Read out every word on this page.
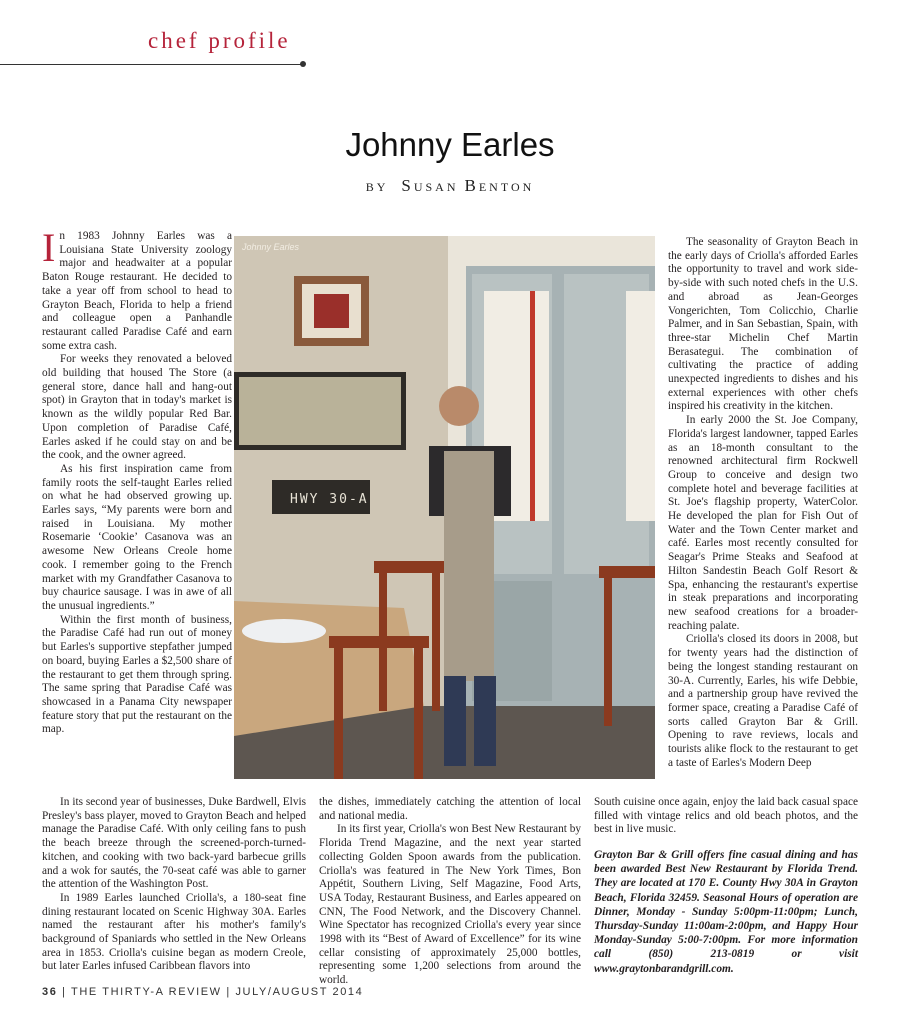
chef profile
Johnny Earles
BY SUSAN BENTON

In 1983 Johnny Earles was a Louisiana State University zoology major and headwaiter at a popular Baton Rouge restaurant. He decided to take a year off from school to head to Grayton Beach, Florida to help a friend and colleague open a Panhandle restaurant called Paradise Café and earn some extra cash.

For weeks they renovated a beloved old building that housed The Store (a general store, dance hall and hang-out spot) in Grayton that in today's market is known as the wildly popular Red Bar. Upon completion of Paradise Café, Earles asked if he could stay on and be the cook, and the owner agreed.

As his first inspiration came from family roots the self-taught Earles relied on what he had observed growing up. Earles says, “My parents were born and raised in Louisiana. My mother Rosemarie ‘Cookie’ Casanova was an awesome New Orleans Creole home cook. I remember going to the French market with my Grandfather Casanova to buy chaurice sausage. I was in awe of all the unusual ingredients.”

Within the first month of business, the Paradise Café had run out of money but Earles's supportive stepfather jumped on board, buying Earles a $2,500 share of the restaurant to get them through spring. The same spring that Paradise Café was showcased in a Panama City newspaper feature story that put the restaurant on the map.

HWY 30-A
Johnny Earles	The seasonality of Grayton Beach in the early days of Criolla's afforded Earles the opportunity to travel and work side-by-side with such noted chefs in the U.S. and abroad as Jean-Georges Vongerichten, Tom Colicchio, Charlie Palmer, and in San Sebastian, Spain, with three-star Michelin Chef Martin Berasategui. The combination of cultivating the practice of adding unexpected ingredients to dishes and his external experiences with other chefs inspired his creativity in the kitchen.

In early 2000 the St. Joe Company, Florida's largest landowner, tapped Earles as an 18-month consultant to the renowned architectural firm Rockwell Group to conceive and design two complete hotel and beverage facilities at St. Joe's flagship property, WaterColor. He developed the plan for Fish Out of Water and the Town Center market and café. Earles most recently consulted for Seagar's Prime Steaks and Seafood at Hilton Sandestin Beach Golf Resort & Spa, enhancing the restaurant's expertise in steak preparations and incorporating new seafood creations for a broader-reaching palate.

Criolla's closed its doors in 2008, but for twenty years had the distinction of being the longest standing restaurant on 30-A. Currently, Earles, his wife Debbie, and a partnership group have revived the former space, creating a Paradise Café of sorts called Grayton Bar & Grill. Opening to rave reviews, locals and tourists alike flock to the restaurant to get a taste of Earles's Modern Deep

In its second year of businesses, Duke Bardwell, Elvis Presley's bass player, moved to Grayton Beach and helped manage the Paradise Café. With only ceiling fans to push the beach breeze through the screened-porch-turned-kitchen, and cooking with two back-yard barbecue grills and a wok for sautés, the 70-seat café was able to garner the attention of the Washington Post.

In 1989 Earles launched Criolla's, a 180-seat fine dining restaurant located on Scenic Highway 30A. Earles named the restaurant after his mother's family's background of Spaniards who settled in the New Orleans area in 1853. Criolla's cuisine began as modern Creole, but later Earles infused Caribbean flavors into

the dishes, immediately catching the attention of local and national media.

In its first year, Criolla's won Best New Restaurant by Florida Trend Magazine, and the next year started collecting Golden Spoon awards from the publication. Criolla's was featured in The New York Times, Bon Appétit, Southern Living, Self Magazine, Food Arts, USA Today, Restaurant Business, and Earles appeared on CNN, The Food Network, and the Discovery Channel. Wine Spectator has recognized Criolla's every year since 1998 with its “Best of Award of Excellence” for its wine cellar consisting of approximately 25,000 bottles, representing some 1,200 selections from around the world.

South cuisine once again, enjoy the laid back casual space filled with vintage relics and old beach photos, and the best in live music.

Grayton Bar & Grill offers fine casual dining and has been awarded Best New Restaurant by Florida Trend. They are located at 170 E. County Hwy 30A in Grayton Beach, Florida 32459. Seasonal Hours of operation are Dinner, Monday - Sunday 5:00pm-11:00pm; Lunch, Thursday-Sunday 11:00am-2:00pm, and Happy Hour Monday-Sunday 5:00-7:00pm. For more information call (850) 213-0819 or visit www.graytonbarandgrill.com.
36 | THE THIRTY-A REVIEW | JULY/AUGUST 2014
